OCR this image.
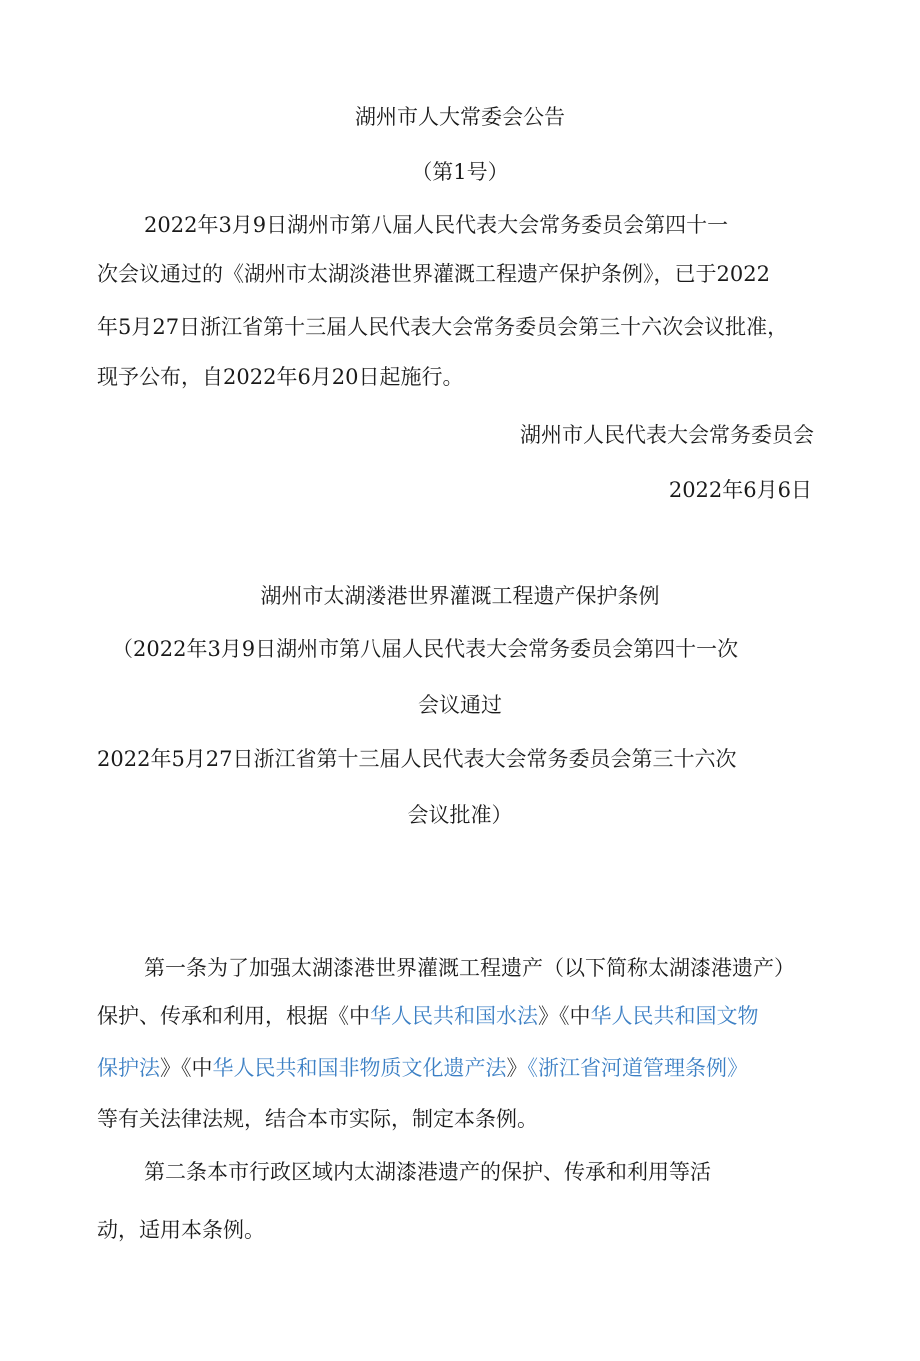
湖州市人大常委会公告
（第1号）
2022年3月9日湖州市第八届人民代表大会常务委员会第四十一
次会议通过的《湖州市太湖淡港世界灌溉工程遗产保护条例》，已于2022
年5月27日浙江省第十三届人民代表大会常务委员会第三十六次会议批准，
现予公布，自2022年6月20日起施行。
湖州市人民代表大会常务委员会
2022年6月6日
湖州市太湖溇港世界灌溉工程遗产保护条例
（2022年3月9日湖州市第八届人民代表大会常务委员会第四十一次
会议通过
2022年5月27日浙江省第十三届人民代表大会常务委员会第三十六次
会议批准）
第一条为了加强太湖漆港世界灌溉工程遗产（以下简称太湖漆港遗产）
保护、传承和利用，根据《中华人民共和国水法》《中华人民共和国文物
保护法》《中华人民共和国非物质文化遗产法》《浙江省河道管理条例》
等有关法律法规，结合本市实际，制定本条例。
第二条本市行政区域内太湖漆港遗产的保护、传承和利用等活
动，适用本条例。
